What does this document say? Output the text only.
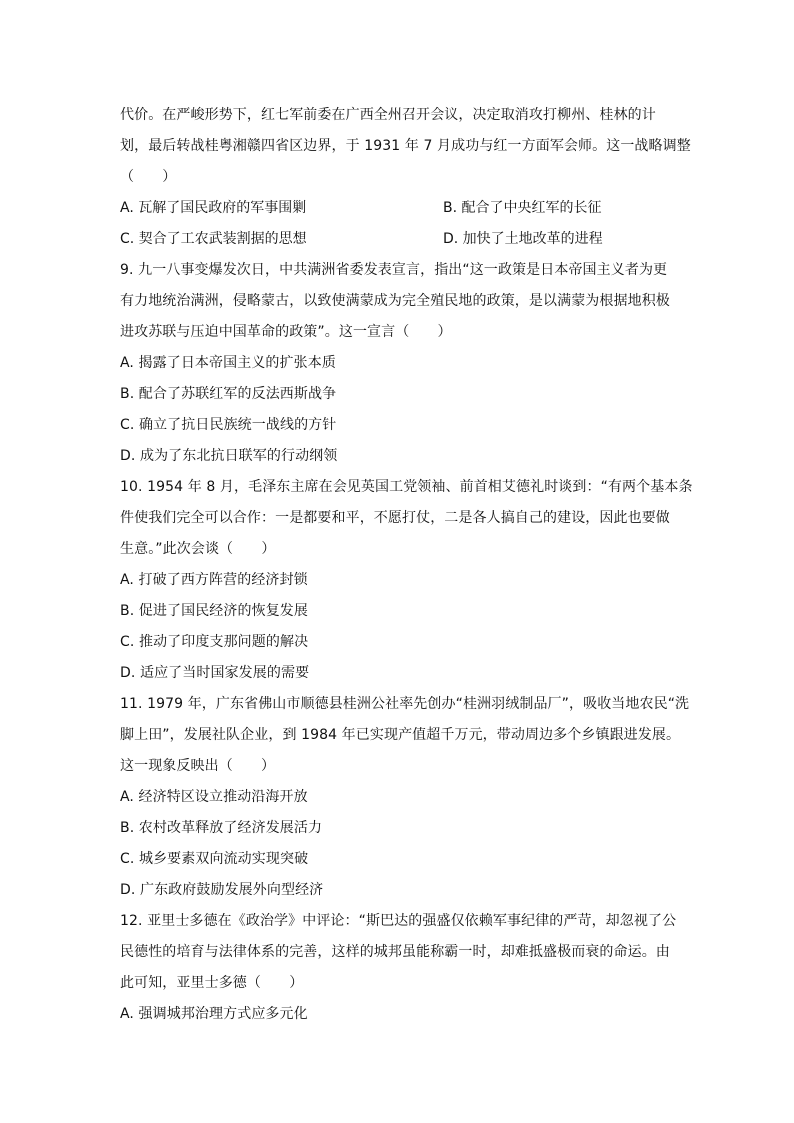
代价。在严峻形势下，红七军前委在广西全州召开会议，决定取消攻打柳州、桂林的计
划，最后转战桂粤湘赣四省区边界，于 1931 年 7 月成功与红一方面军会师。这一战略调整
（　　）
A. 瓦解了国民政府的军事围剿	B. 配合了中央红军的长征
C. 契合了工农武装割据的思想	D. 加快了土地改革的进程
9. 九一八事变爆发次日，中共满洲省委发表宣言，指出“这一政策是日本帝国主义者为更
有力地统治满洲，侵略蒙古，以致使满蒙成为完全殖民地的政策，是以满蒙为根据地积极
进攻苏联与压迫中国革命的政策”。这一宣言（　　）
A. 揭露了日本帝国主义的扩张本质
B. 配合了苏联红军的反法西斯战争
C. 确立了抗日民族统一战线的方针
D. 成为了东北抗日联军的行动纲领
10. 1954 年 8 月，毛泽东主席在会见英国工党领袖、前首相艾德礼时谈到：“有两个基本条
件使我们完全可以合作：一是都要和平，不愿打仗，二是各人搞自己的建设，因此也要做
生意。”此次会谈（　　）
A. 打破了西方阵营的经济封锁
B. 促进了国民经济的恢复发展
C. 推动了印度支那问题的解决
D. 适应了当时国家发展的需要
11. 1979 年，广东省佛山市顺德县桂洲公社率先创办“桂洲羽绒制品厂”，吸收当地农民“洗
脚上田”，发展社队企业，到 1984 年已实现产值超千万元，带动周边多个乡镇跟进发展。
这一现象反映出（　　）
A. 经济特区设立推动沿海开放
B. 农村改革释放了经济发展活力
C. 城乡要素双向流动实现突破
D. 广东政府鼓励发展外向型经济
12. 亚里士多德在《政治学》中评论：“斯巴达的强盛仅依赖军事纪律的严苛，却忽视了公
民德性的培育与法律体系的完善，这样的城邦虽能称霸一时，却难抵盛极而衰的命运。由
此可知，亚里士多德（　　）
A. 强调城邦治理方式应多元化
